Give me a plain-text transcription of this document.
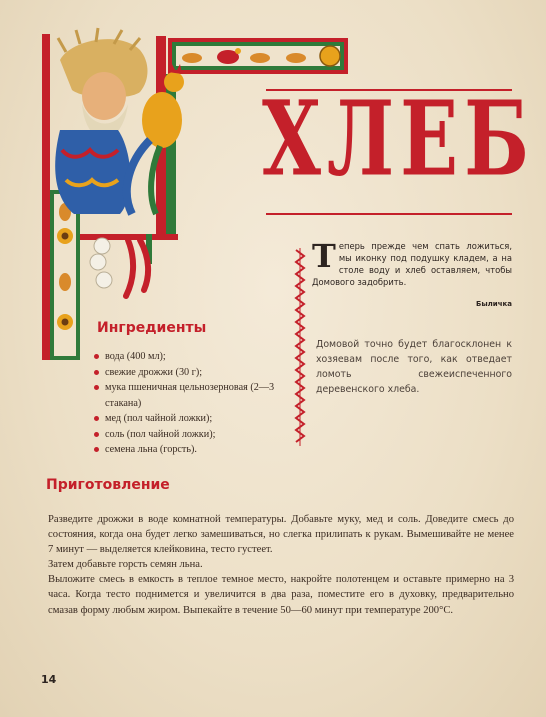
ХЛЕБ
Теперь прежде чем спать ложиться, мы иконку под подушку кладем, а на столе воду и хлеб оставляем, чтобы Домового задобрить.
Быличка
Домовой точно будет благосклонен к хозяевам после того, как отведает ломоть свежеиспеченного деревенского хлеба.
Ингредиенты
вода (400 мл);
свежие дрожжи (30 г);
мука пшеничная цельнозерновая (2—3 стакана)
мед (пол чайной ложки);
соль (пол чайной ложки);
семена льна (горсть).
Приготовление

Разведите дрожжи в воде комнатной температуры. Добавьте муку, мед и соль. Доведите смесь до состояния, когда она будет легко замешиваться, но слегка прилипать к рукам. Вымешивайте не менее 7 минут — выделяется клейковина, тесто густеет.

Затем добавьте горсть семян льна.

Выложите смесь в емкость в теплое темное место, накройте полотенцем и оставьте примерно на 3 часа. Когда тесто поднимется и увеличится в два раза, поместите его в духовку, предварительно смазав форму любым жиром. Выпекайте в течение 50—60 минут при температуре 200°С.

14
